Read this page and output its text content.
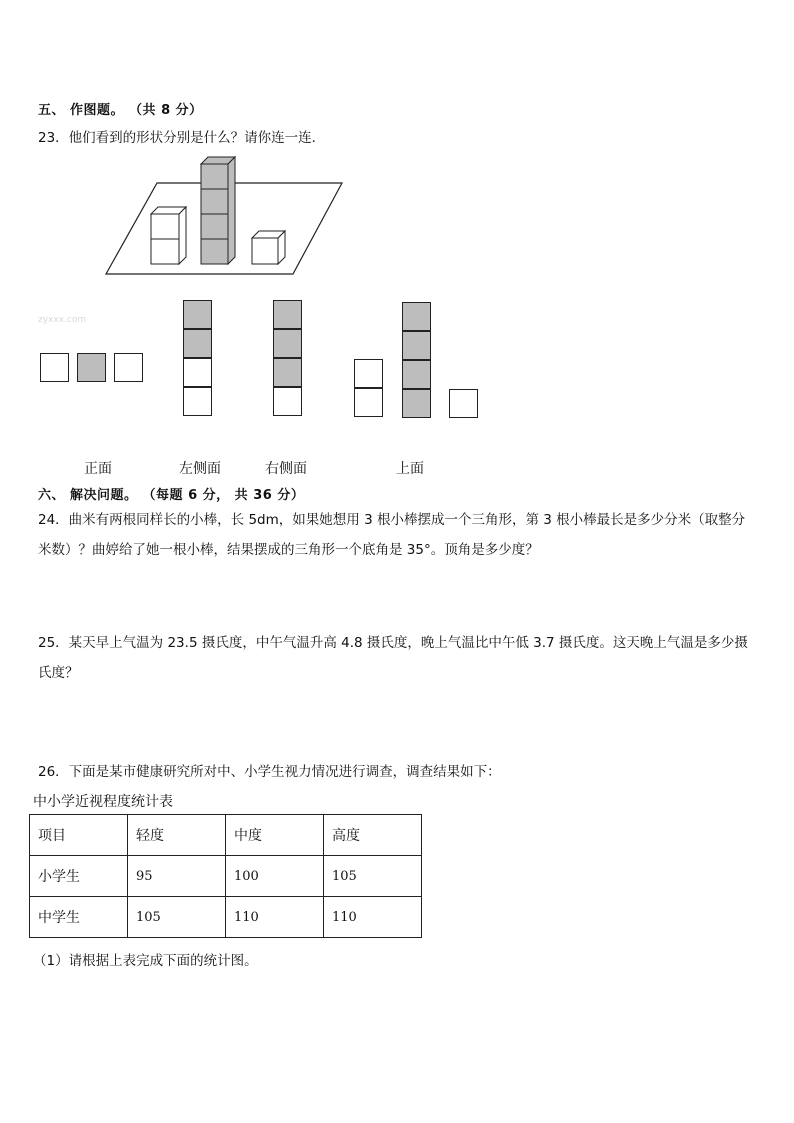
五、 作图题。 （共 8 分）
23．他们看到的形状分别是什么？请你连一连．
zyxxx.com
正面	左侧面	右侧面	上面
六、 解决问题。 （每题 6 分， 共 36 分）
24．曲米有两根同样长的小棒，长 5dm，如果她想用 3 根小棒摆成一个三角形，第 3 根小棒最长是多少分米（取整分米数）？曲婷给了她一根小棒，结果摆成的三角形一个底角是 35°。顶角是多少度？
25．某天早上气温为 23.5 摄氏度，中午气温升高 4.8 摄氏度，晚上气温比中午低 3.7 摄氏度。这天晚上气温是多少摄氏度？
26．下面是某市健康研究所对中、小学生视力情况进行调查，调查结果如下：
中小学近视程度统计表
项目	轻度	中度	高度
小学生	95	100	105
中学生	105	110	110
（1）请根据上表完成下面的统计图。
